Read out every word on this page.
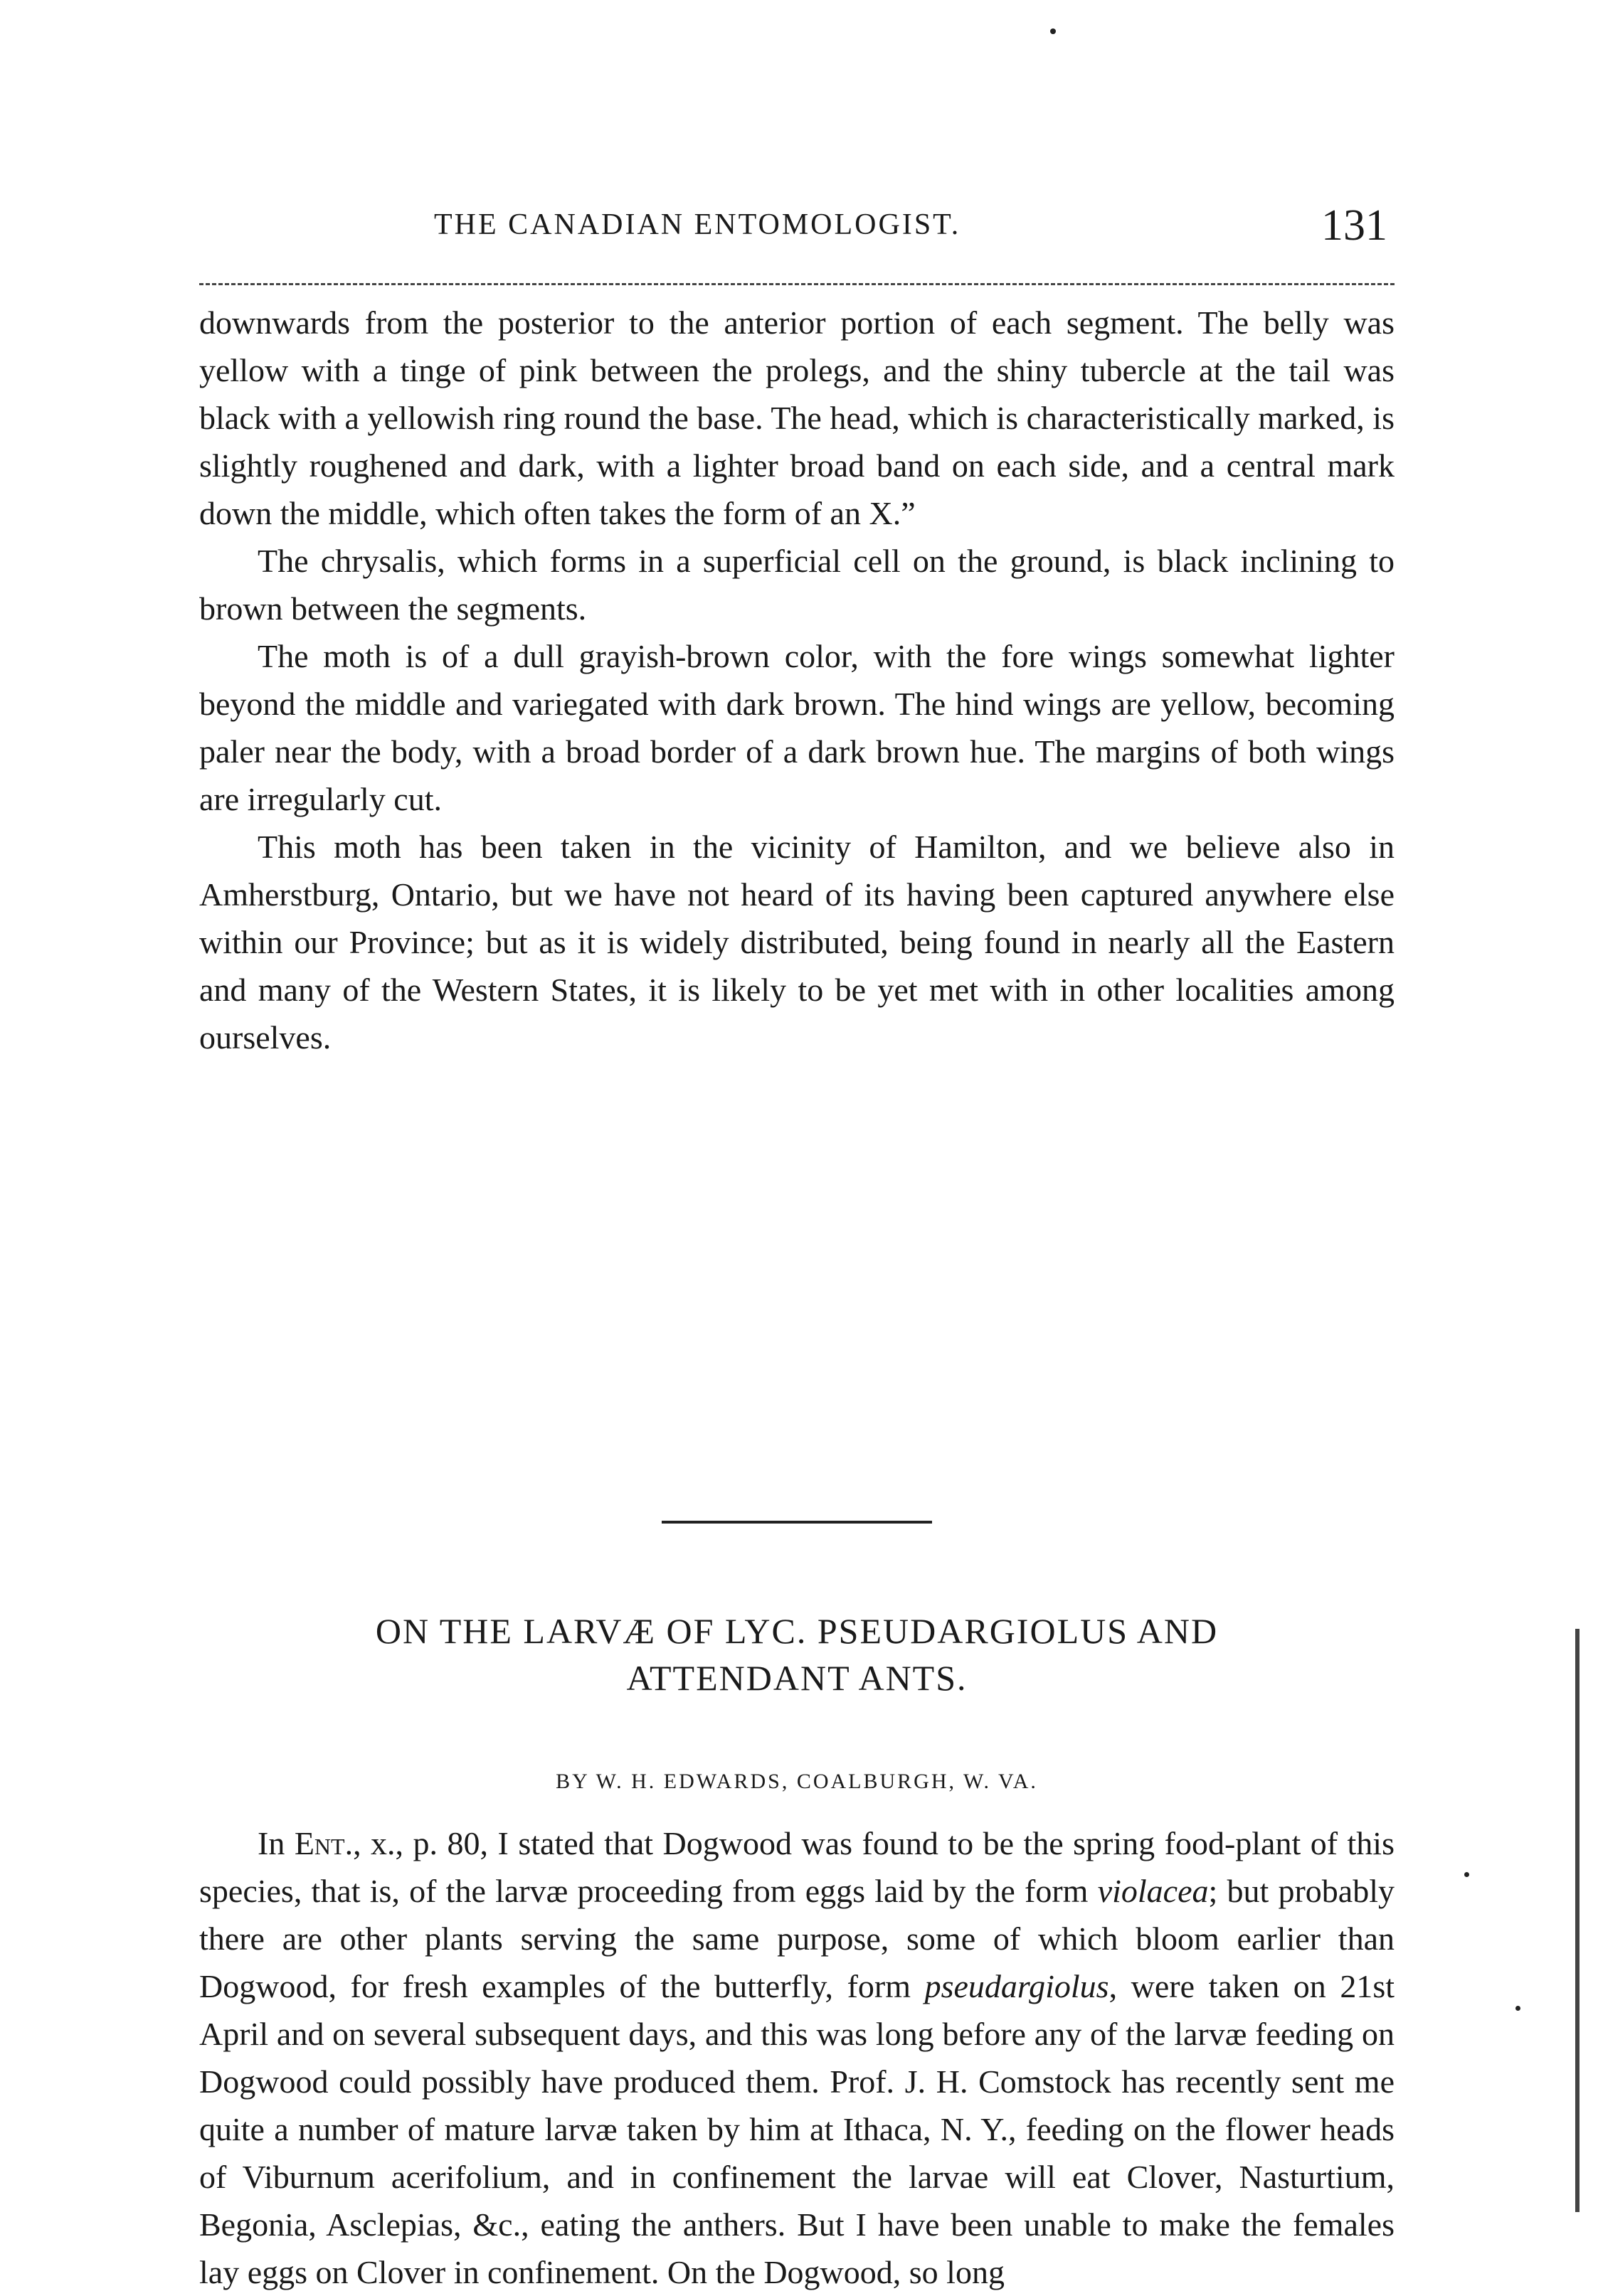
THE CANADIAN ENTOMOLOGIST.	131

downwards from the posterior to the anterior portion of each segment. The belly was yellow with a tinge of pink between the prolegs, and the shiny tubercle at the tail was black with a yellowish ring round the base. The head, which is characteristically marked, is slightly roughened and dark, with a lighter broad band on each side, and a central mark down the middle, which often takes the form of an X.”

The chrysalis, which forms in a superficial cell on the ground, is black inclining to brown between the segments.

The moth is of a dull grayish-brown color, with the fore wings somewhat lighter beyond the middle and variegated with dark brown. The hind wings are yellow, becoming paler near the body, with a broad border of a dark brown hue. The margins of both wings are irregularly cut.

This moth has been taken in the vicinity of Hamilton, and we believe also in Amherstburg, Ontario, but we have not heard of its having been captured anywhere else within our Province; but as it is widely distributed, being found in nearly all the Eastern and many of the Western States, it is likely to be yet met with in other localities among ourselves.

ON THE LARVÆ OF LYC. PSEUDARGIOLUS AND
ATTENDANT ANTS.
BY W. H. EDWARDS, COALBURGH, W. VA.

In Ent., x., p. 80, I stated that Dogwood was found to be the spring food-plant of this species, that is, of the larvæ proceeding from eggs laid by the form violacea; but probably there are other plants serving the same purpose, some of which bloom earlier than Dogwood, for fresh examples of the butterfly, form pseudargiolus, were taken on 21st April and on several subsequent days, and this was long before any of the larvæ feeding on Dogwood could possibly have produced them. Prof. J. H. Comstock has recently sent me quite a number of mature larvæ taken by him at Ithaca, N. Y., feeding on the flower heads of Viburnum acerifolium, and in confinement the larvae will eat Clover, Nasturtium, Begonia, Asclepias, &c., eating the anthers. But I have been unable to make the females lay eggs on Clover in confinement. On the Dogwood, so long
